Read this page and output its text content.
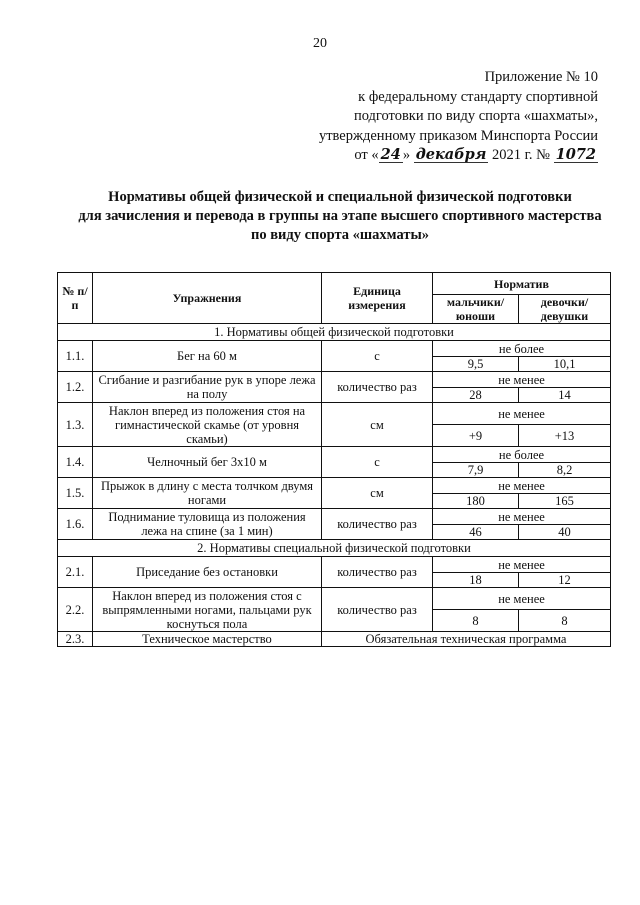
20
Приложение № 10
к федеральному стандарту спортивной
подготовки по виду спорта «шахматы»,
утвержденному приказом Минспорта России
от « 24 » декабря 2021 г. № 1072
Нормативы общей физической и специальной физической подготовки
для зачисления и перевода в группы на этапе высшего спортивного мастерства
по виду спорта «шахматы»
№ п/п	Упражнения	Единица измерения	Норматив	
			мальчики/ юноши	девочки/ девушки
1. Нормативы общей физической подготовки				
1.1.	Бег на 60 м	с	не более	
			9,5	10,1
1.2.	Сгибание и разгибание рук в упоре лежа на полу	количество раз	не менее	
			28	14
1.3.	Наклон вперед из положения стоя на гимнастической скамье (от уровня скамьи)	см	не менее	
			+9	+13
1.4.	Челночный бег 3х10 м	с	не более	
			7,9	8,2
1.5.	Прыжок в длину с места толчком двумя ногами	см	не менее	
			180	165
1.6.	Поднимание туловища из положения лежа на спине (за 1 мин)	количество раз	не менее	
			46	40
2. Нормативы специальной физической подготовки				
2.1.	Приседание без остановки	количество раз	не менее	
			18	12
2.2.	Наклон вперед из положения стоя с выпрямленными ногами, пальцами рук коснуться пола	количество раз	не менее	
			8	8
2.3.	Техническое мастерство	Обязательная техническая программа		
